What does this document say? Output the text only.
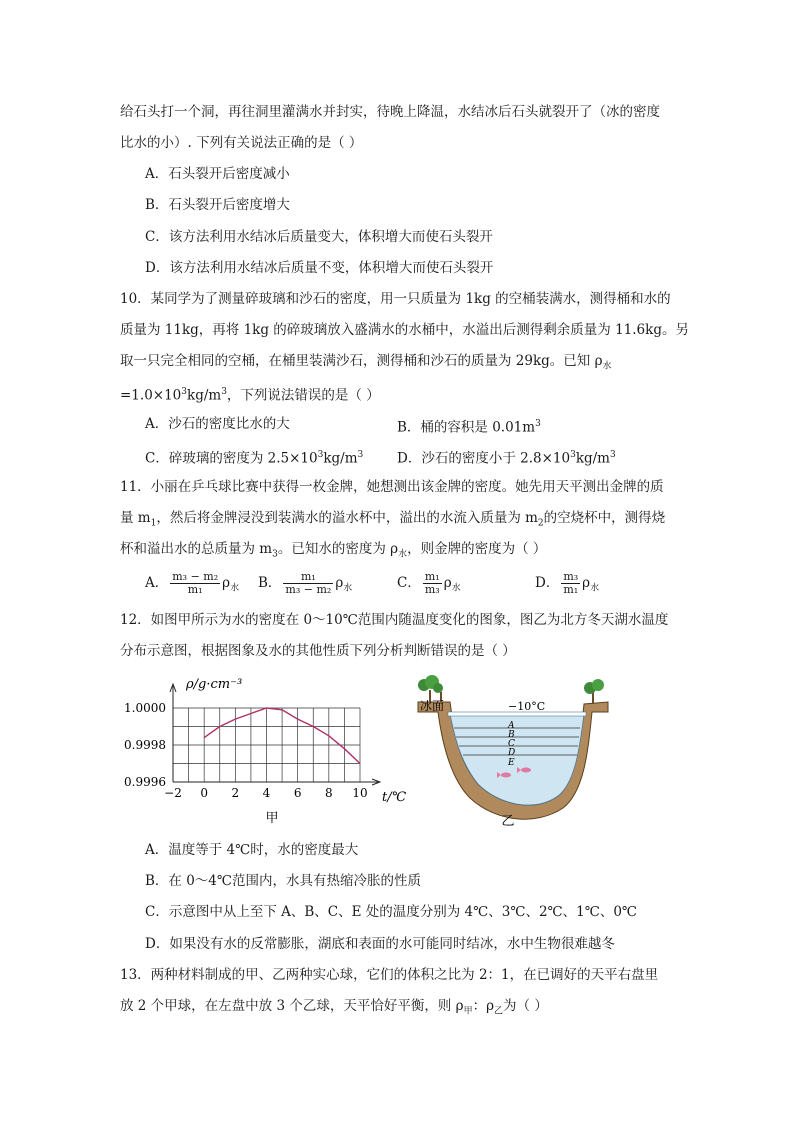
给石头打一个洞，再往洞里灌满水并封实，待晚上降温，水结冰后石头就裂开了（冰的密度
比水的小）. 下列有关说法正确的是（ ）
A．石头裂开后密度减小
B．石头裂开后密度增大
C．该方法利用水结冰后质量变大，体积增大而使石头裂开
D．该方法利用水结冰后质量不变，体积增大而使石头裂开
10．某同学为了测量碎玻璃和沙石的密度，用一只质量为 1kg 的空桶装满水，测得桶和水的
质量为 11kg，再将 1kg 的碎玻璃放入盛满水的水桶中，水溢出后测得剩余质量为 11.6kg。另
取一只完全相同的空桶，在桶里装满沙石，测得桶和沙石的质量为 29kg。已知 $\rho_水$
$=1.0\times 10^3kg/m^3$，下列说法错误的是（ ）
A．沙石的密度比水的大	B．桶的容积是 $0.01m^3$
C．碎玻璃的密度为 $2.5\times 10^3kg/m^3$	D．沙石的密度小于 $2.8\times 10^3kg/m^3$
11．小丽在乒乓球比赛中获得一枚金牌，她想测出该金牌的密度。她先用天平测出金牌的质
量 $m_1$，然后将金牌浸没到装满水的溢水杯中，溢出的水流入质量为 $m_2$的空烧杯中，测得烧
杯和溢出水的总质量为 $m_3$。已知水的密度为 $\rho_水$，则金牌的密度为（ ）
A． $\frac{\text{m₃ − m₂}}{\text{m₁}} \rho_水$ B． $\frac{\text{m₁}}{\text{m₃ − m₂}} \rho_水$	C． $\frac{\text{m₁}}{\text{m₃}} \rho_水$	D． $\frac{\text{m₃}}{\text{m₁}} \rho_水$
12．如图甲所示为水的密度在 0～10℃范围内随温度变化的图象，图乙为北方冬天湖水温度
分布示意图，根据图象及水的其他性质下列分析判断错误的是（ ）
−2 0 2 4 6 8 10
1.0000
0.9998
0.9996
ρ/g·cm⁻³
t/℃
甲
A
B
C
D
E
冰面	−10°C
乙
A．温度等于 4℃时，水的密度最大
B．在 0～4℃范围内，水具有热缩冷胀的性质
C．示意图中从上至下 A、B、C、E 处的温度分别为 4℃、3℃、2℃、1℃、0℃
D．如果没有水的反常膨胀，湖底和表面的水可能同时结冰，水中生物很难越冬
13．两种材料制成的甲、乙两种实心球，它们的体积之比为 2：1，在已调好的天平右盘里
放 2 个甲球，在左盘中放 3 个乙球，天平恰好平衡，则 $\rho_甲$：$\rho_乙$为（ ）
